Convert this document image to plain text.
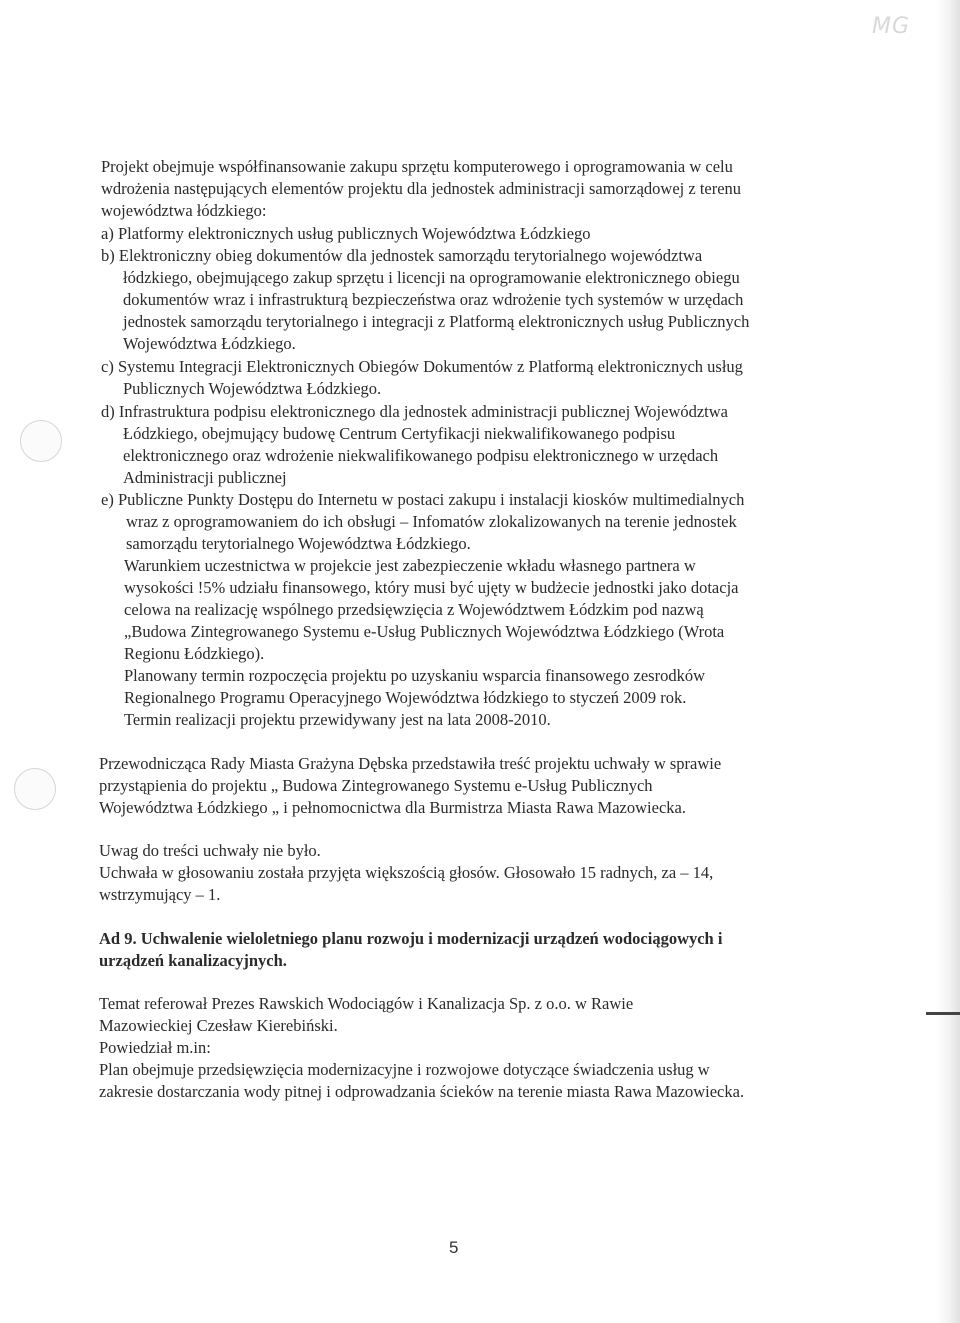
MG
Projekt obejmuje współfinansowanie zakupu sprzętu komputerowego i oprogramowania w celu
wdrożenia następujących elementów projektu dla jednostek administracji samorządowej z terenu
województwa łódzkiego:
a) Platformy elektronicznych usług publicznych Województwa Łódzkiego
b) Elektroniczny obieg dokumentów dla jednostek samorządu terytorialnego województwa
łódzkiego, obejmującego zakup sprzętu i licencji na oprogramowanie elektronicznego obiegu
dokumentów wraz i infrastrukturą bezpieczeństwa oraz wdrożenie tych systemów w urzędach
jednostek samorządu terytorialnego i integracji z Platformą elektronicznych usług Publicznych
Województwa Łódzkiego.
c) Systemu Integracji Elektronicznych Obiegów Dokumentów z Platformą elektronicznych usług
Publicznych Województwa Łódzkiego.
d) Infrastruktura podpisu elektronicznego dla jednostek administracji publicznej Województwa
Łódzkiego, obejmujący budowę Centrum Certyfikacji niekwalifikowanego podpisu
elektronicznego oraz wdrożenie niekwalifikowanego podpisu elektronicznego w urzędach
Administracji publicznej
e) Publiczne Punkty Dostępu do Internetu w postaci zakupu i instalacji kiosków multimedialnych
wraz z oprogramowaniem do ich obsługi – Infomatów zlokalizowanych na terenie jednostek
samorządu terytorialnego Województwa Łódzkiego.
Warunkiem uczestnictwa w projekcie jest zabezpieczenie wkładu własnego partnera w
wysokości !5% udziału finansowego, który musi być ujęty w budżecie jednostki jako dotacja
celowa na realizację wspólnego przedsięwzięcia z Województwem Łódzkim pod nazwą
„Budowa Zintegrowanego Systemu e-Usług Publicznych Województwa Łódzkiego (Wrota
Regionu Łódzkiego).
Planowany termin rozpoczęcia projektu po uzyskaniu wsparcia finansowego zesrodków
Regionalnego Programu Operacyjnego Województwa łódzkiego to styczeń 2009 rok.
Termin realizacji projektu przewidywany jest na lata 2008-2010.
Przewodnicząca Rady Miasta Grażyna Dębska przedstawiła treść projektu uchwały w sprawie
przystąpienia do projektu „ Budowa Zintegrowanego Systemu e-Usług Publicznych
Województwa Łódzkiego „ i pełnomocnictwa dla Burmistrza Miasta Rawa Mazowiecka.
Uwag do treści uchwały nie było.
Uchwała w głosowaniu została przyjęta większością głosów. Głosowało 15 radnych, za – 14,
wstrzymujący – 1.
Ad 9. Uchwalenie wieloletniego planu rozwoju i modernizacji urządzeń wodociągowych i
urządzeń kanalizacyjnych.
Temat referował Prezes Rawskich Wodociągów i Kanalizacja Sp. z o.o. w Rawie
Mazowieckiej Czesław Kierebiński.
Powiedział m.in:
Plan obejmuje przedsięwzięcia modernizacyjne i rozwojowe dotyczące świadczenia usług w
zakresie dostarczania wody pitnej i odprowadzania ścieków na terenie miasta Rawa Mazowiecka.
5
